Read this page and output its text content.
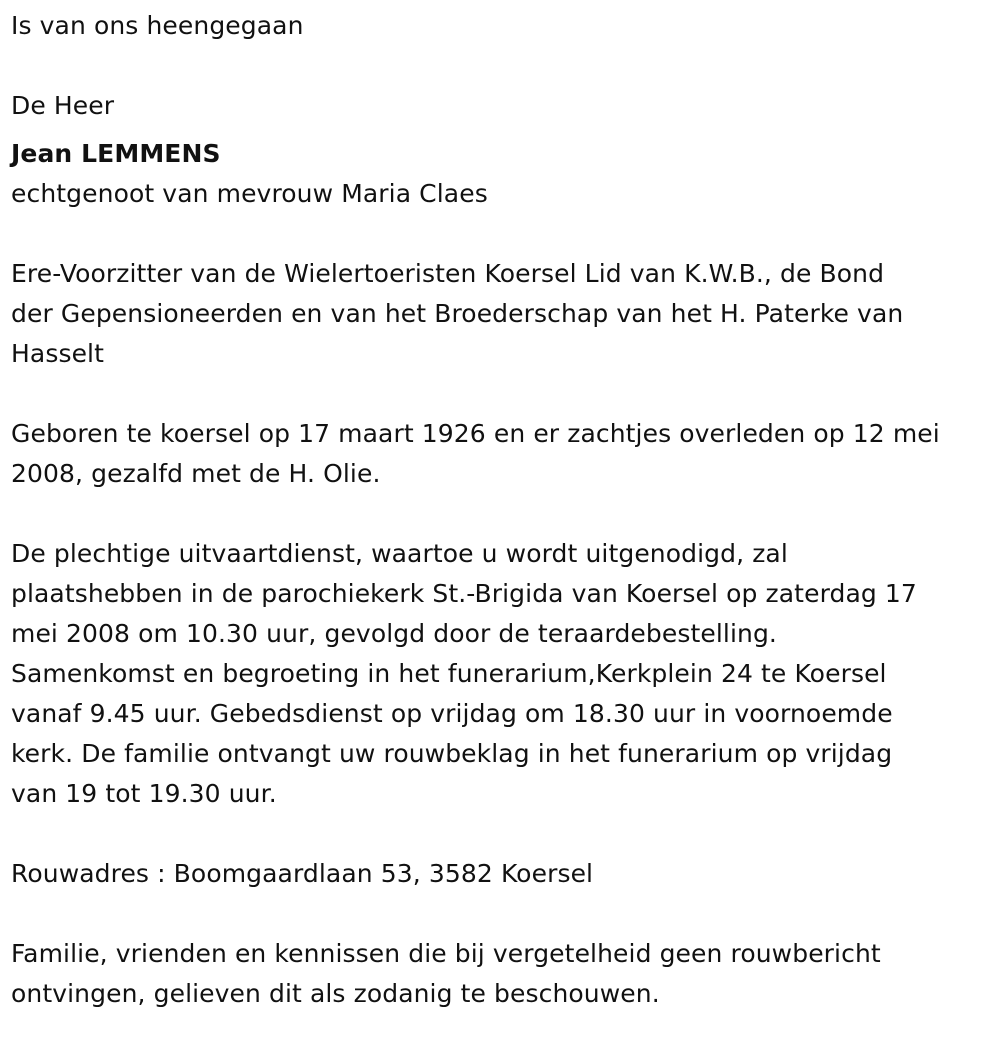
Is van ons heengegaan

De Heer

Jean LEMMENS

echtgenoot van mevrouw Maria Claes

Ere-Voorzitter van de Wielertoeristen Koersel Lid van K.W.B., de Bond

der Gepensioneerden en van het Broederschap van het H. Paterke van

Hasselt

Geboren te koersel op 17 maart 1926 en er zachtjes overleden op 12 mei

2008, gezalfd met de H. Olie.

De plechtige uitvaartdienst, waartoe u wordt uitgenodigd, zal

plaatshebben in de parochiekerk St.-Brigida van Koersel op zaterdag 17

mei 2008 om 10.30 uur, gevolgd door de teraardebestelling.

Samenkomst en begroeting in het funerarium,Kerkplein 24 te Koersel

vanaf 9.45 uur. Gebedsdienst op vrijdag om 18.30 uur in voornoemde

kerk. De familie ontvangt uw rouwbeklag in het funerarium op vrijdag

van 19 tot 19.30 uur.

Rouwadres : Boomgaardlaan 53, 3582 Koersel

Familie, vrienden en kennissen die bij vergetelheid geen rouwbericht

ontvingen, gelieven dit als zodanig te beschouwen.
